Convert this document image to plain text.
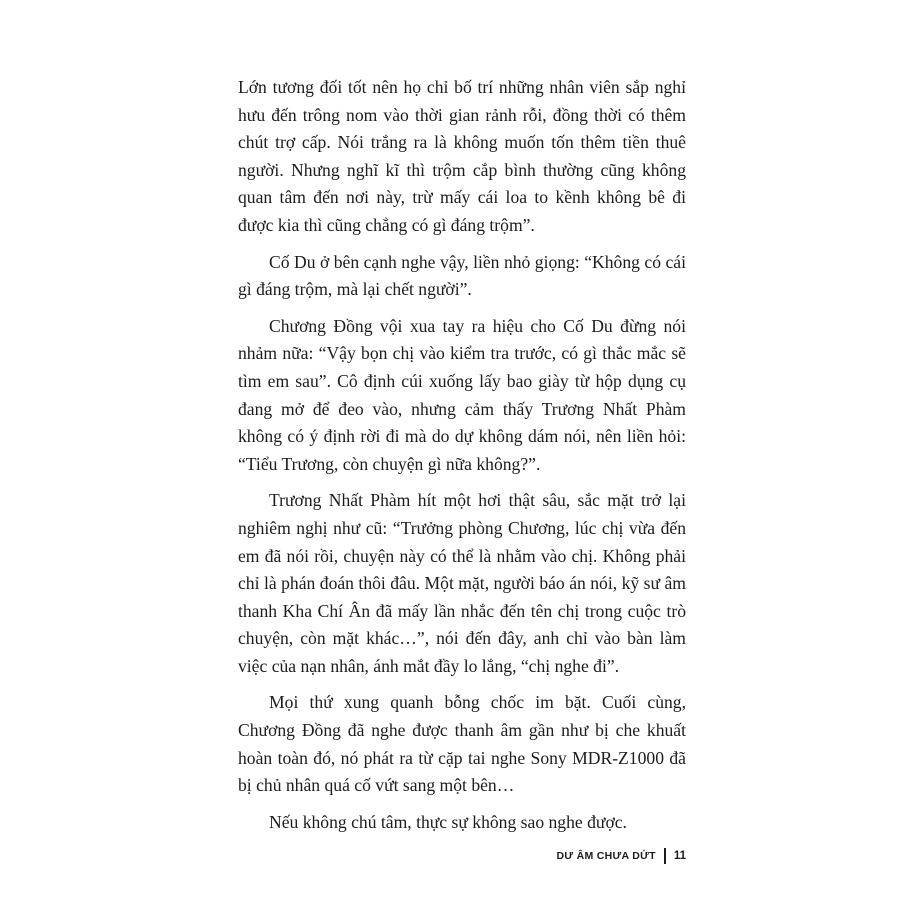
Lớn tương đối tốt nên họ chỉ bố trí những nhân viên sắp nghỉ hưu đến trông nom vào thời gian rảnh rỗi, đồng thời có thêm chút trợ cấp. Nói trắng ra là không muốn tốn thêm tiền thuê người. Nhưng nghĩ kĩ thì trộm cắp bình thường cũng không quan tâm đến nơi này, trừ mấy cái loa to kềnh không bê đi được kia thì cũng chẳng có gì đáng trộm”.

Cố Du ở bên cạnh nghe vậy, liền nhỏ giọng: “Không có cái gì đáng trộm, mà lại chết người”.

Chương Đồng vội xua tay ra hiệu cho Cố Du đừng nói nhảm nữa: “Vậy bọn chị vào kiểm tra trước, có gì thắc mắc sẽ tìm em sau”. Cô định cúi xuống lấy bao giày từ hộp dụng cụ đang mở để đeo vào, nhưng cảm thấy Trương Nhất Phàm không có ý định rời đi mà do dự không dám nói, nên liền hỏi: “Tiểu Trương, còn chuyện gì nữa không?”.

Trương Nhất Phàm hít một hơi thật sâu, sắc mặt trở lại nghiêm nghị như cũ: “Trưởng phòng Chương, lúc chị vừa đến em đã nói rồi, chuyện này có thể là nhằm vào chị. Không phải chỉ là phán đoán thôi đâu. Một mặt, người báo án nói, kỹ sư âm thanh Kha Chí Ân đã mấy lần nhắc đến tên chị trong cuộc trò chuyện, còn mặt khác…”, nói đến đây, anh chỉ vào bàn làm việc của nạn nhân, ánh mắt đầy lo lắng, “chị nghe đi”.

Mọi thứ xung quanh bỗng chốc im bặt. Cuối cùng, Chương Đồng đã nghe được thanh âm gần như bị che khuất hoàn toàn đó, nó phát ra từ cặp tai nghe Sony MDR-Z1000 đã bị chủ nhân quá cố vứt sang một bên…

Nếu không chú tâm, thực sự không sao nghe được.

DƯ ÂM CHƯA DỨT 11
